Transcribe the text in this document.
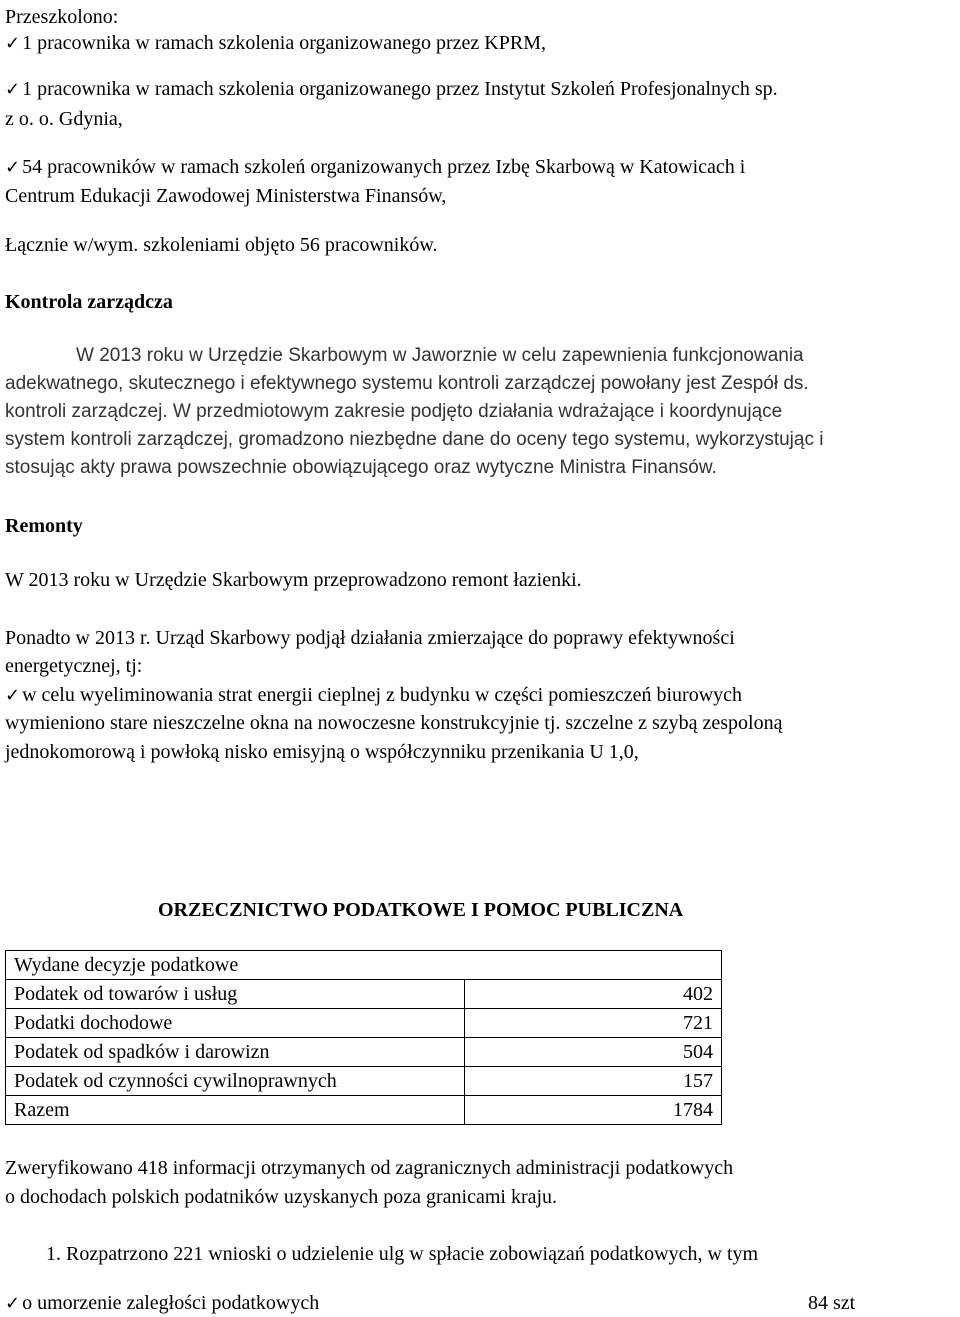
Przeszkolono:
✓ 1 pracownika w ramach szkolenia organizowanego przez KPRM,
✓ 1 pracownika w ramach szkolenia organizowanego przez Instytut Szkoleń Profesjonalnych sp.
z o. o. Gdynia,
✓ 54 pracowników w ramach szkoleń organizowanych przez Izbę Skarbową w Katowicach i
Centrum Edukacji Zawodowej Ministerstwa Finansów,
Łącznie w/wym. szkoleniami objęto 56 pracowników.
Kontrola zarządcza
W 2013 roku w Urzędzie Skarbowym w Jaworznie w celu zapewnienia funkcjonowania
adekwatnego, skutecznego i efektywnego systemu kontroli zarządczej powołany jest Zespół ds.
kontroli zarządczej. W przedmiotowym zakresie podjęto działania wdrażające i koordynujące
system kontroli zarządczej, gromadzono niezbędne dane do oceny tego systemu, wykorzystując i
stosując akty prawa powszechnie obowiązującego oraz wytyczne Ministra Finansów.
Remonty
W 2013 roku w Urzędzie Skarbowym przeprowadzono remont łazienki.
Ponadto w 2013 r. Urząd Skarbowy podjął działania zmierzające do poprawy efektywności
energetycznej, tj:
✓ w celu wyeliminowania strat energii cieplnej z budynku w części pomieszczeń biurowych
wymieniono stare nieszczelne okna na nowoczesne konstrukcyjnie tj. szczelne z szybą zespoloną
jednokomorową i powłoką nisko emisyjną o współczynniku przenikania U 1,0,
ORZECZNICTWO PODATKOWE I POMOC PUBLICZNA
Wydane decyzje podatkowe	
Podatek od towarów i usług	402
Podatki dochodowe	721
Podatek od spadków i darowizn	504
Podatek od czynności cywilnoprawnych	157
Razem	1784
Zweryfikowano 418 informacji otrzymanych od zagranicznych administracji podatkowych
o dochodach polskich podatników uzyskanych poza granicami kraju.
1. Rozpatrzono 221 wnioski o udzielenie ulg w spłacie zobowiązań podatkowych, w tym
✓ o umorzenie zaległości podatkowych	84 szt
